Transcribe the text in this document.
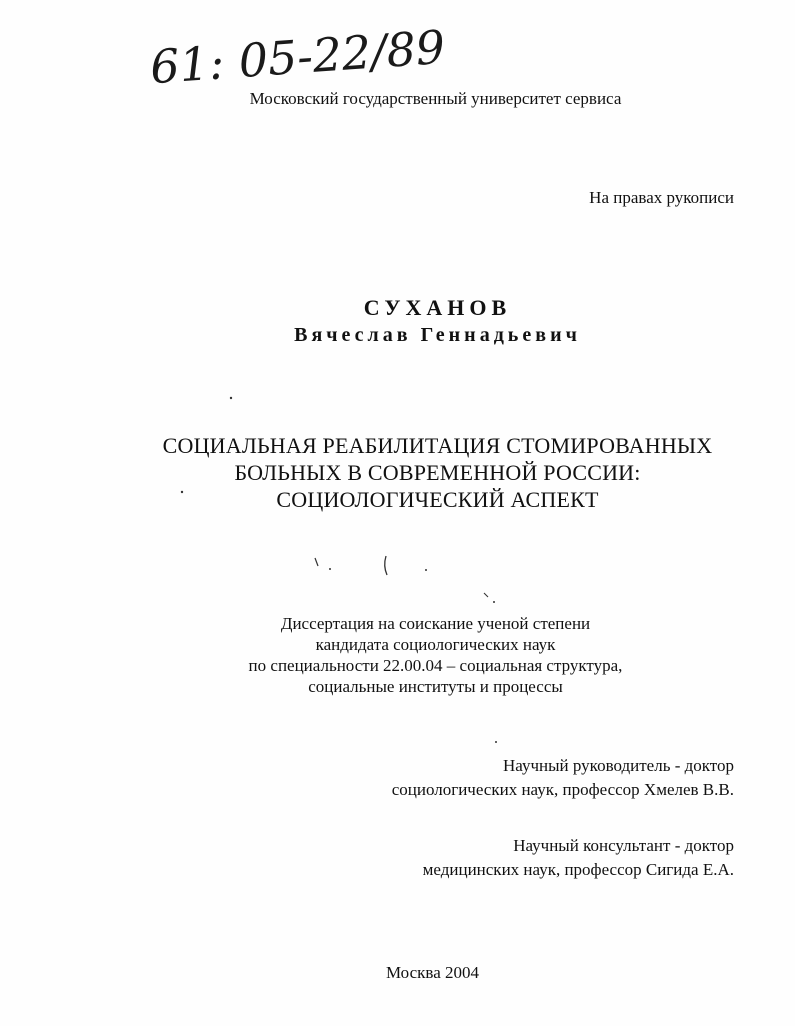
61: 05-22/89
Московский государственный университет сервиса
На правах рукописи
СУХАНОВ
Вячеслав Геннадьевич
СОЦИАЛЬНАЯ РЕАБИЛИТАЦИЯ СТОМИРОВАННЫХ
БОЛЬНЫХ В СОВРЕМЕННОЙ РОССИИ:
СОЦИОЛОГИЧЕСКИЙ АСПЕКТ
Диссертация на соискание ученой степени
кандидата социологических наук
по специальности 22.00.04 – социальная структура,
социальные институты и процессы
Научный руководитель - доктор
социологических наук, профессор Хмелев В.В.
Научный консультант - доктор
медицинских наук, профессор Сигида Е.А.
Москва 2004
